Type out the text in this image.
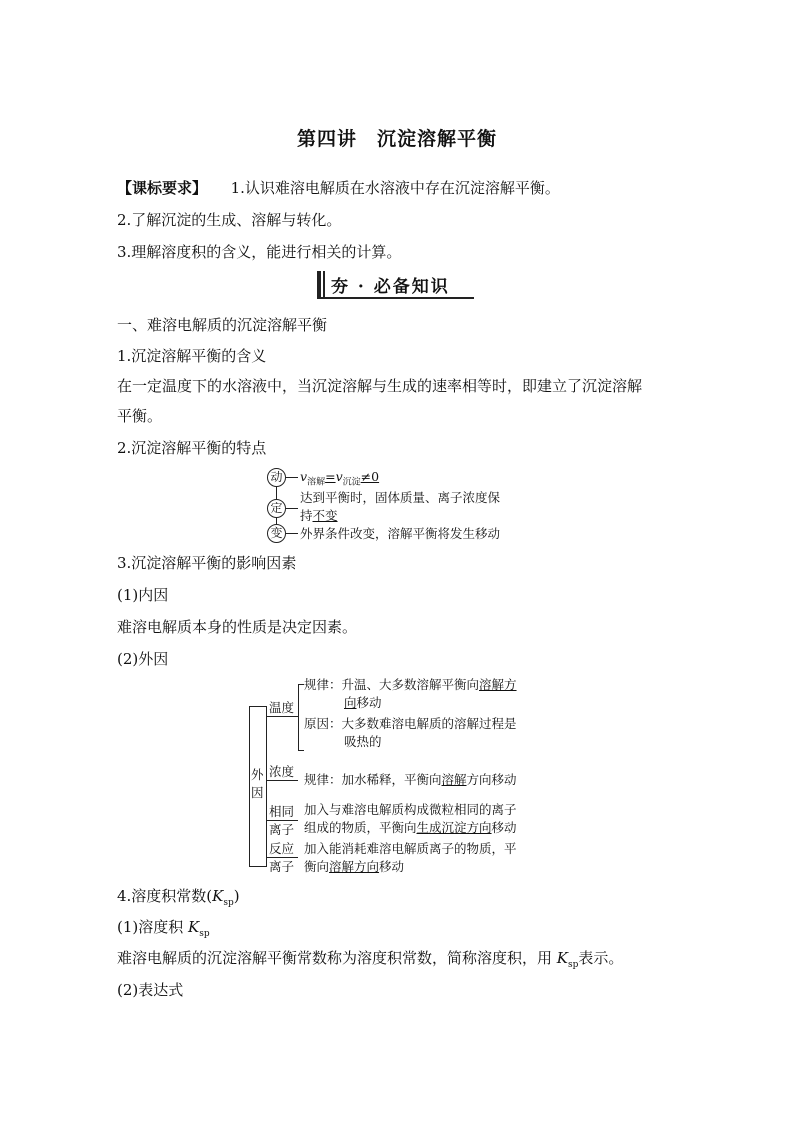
第四讲　沉淀溶解平衡
【课标要求】 1.认识难溶电解质在水溶液中存在沉淀溶解平衡。
2.了解沉淀的生成、溶解与转化。
3.理解溶度积的含义，能进行相关的计算。
夯 · 必备知识
一、难溶电解质的沉淀溶解平衡
1.沉淀溶解平衡的含义
在一定温度下的水溶液中，当沉淀溶解与生成的速率相等时，即建立了沉淀溶解
平衡。
2.沉淀溶解平衡的特点
动
定
变
$v_{溶解}=v_{沉淀}\ne 0$
达到平衡时，固体质量、离子浓度保
持不变
外界条件改变，溶解平衡将发生移动
3.沉淀溶解平衡的影响因素
(1)内因
难溶电解质本身的性质是决定因素。
(2)外因
外
因
温度
规律：升温、大多数溶解平衡向溶解方
向移动
原因：大多数难溶电解质的溶解过程是
吸热的
浓度
规律：加水稀释，平衡向溶解方向移动
相同
离子
加入与难溶电解质构成微粒相同的离子
组成的物质，平衡向生成沉淀方向移动
反应
离子
加入能消耗难溶电解质离子的物质，平
衡向溶解方向移动
4.溶度积常数$(K_{sp})$
(1)溶度积 $K_{sp}$
难溶电解质的沉淀溶解平衡常数称为溶度积常数，简称溶度积，用 $K_{sp}$表示。
(2)表达式
